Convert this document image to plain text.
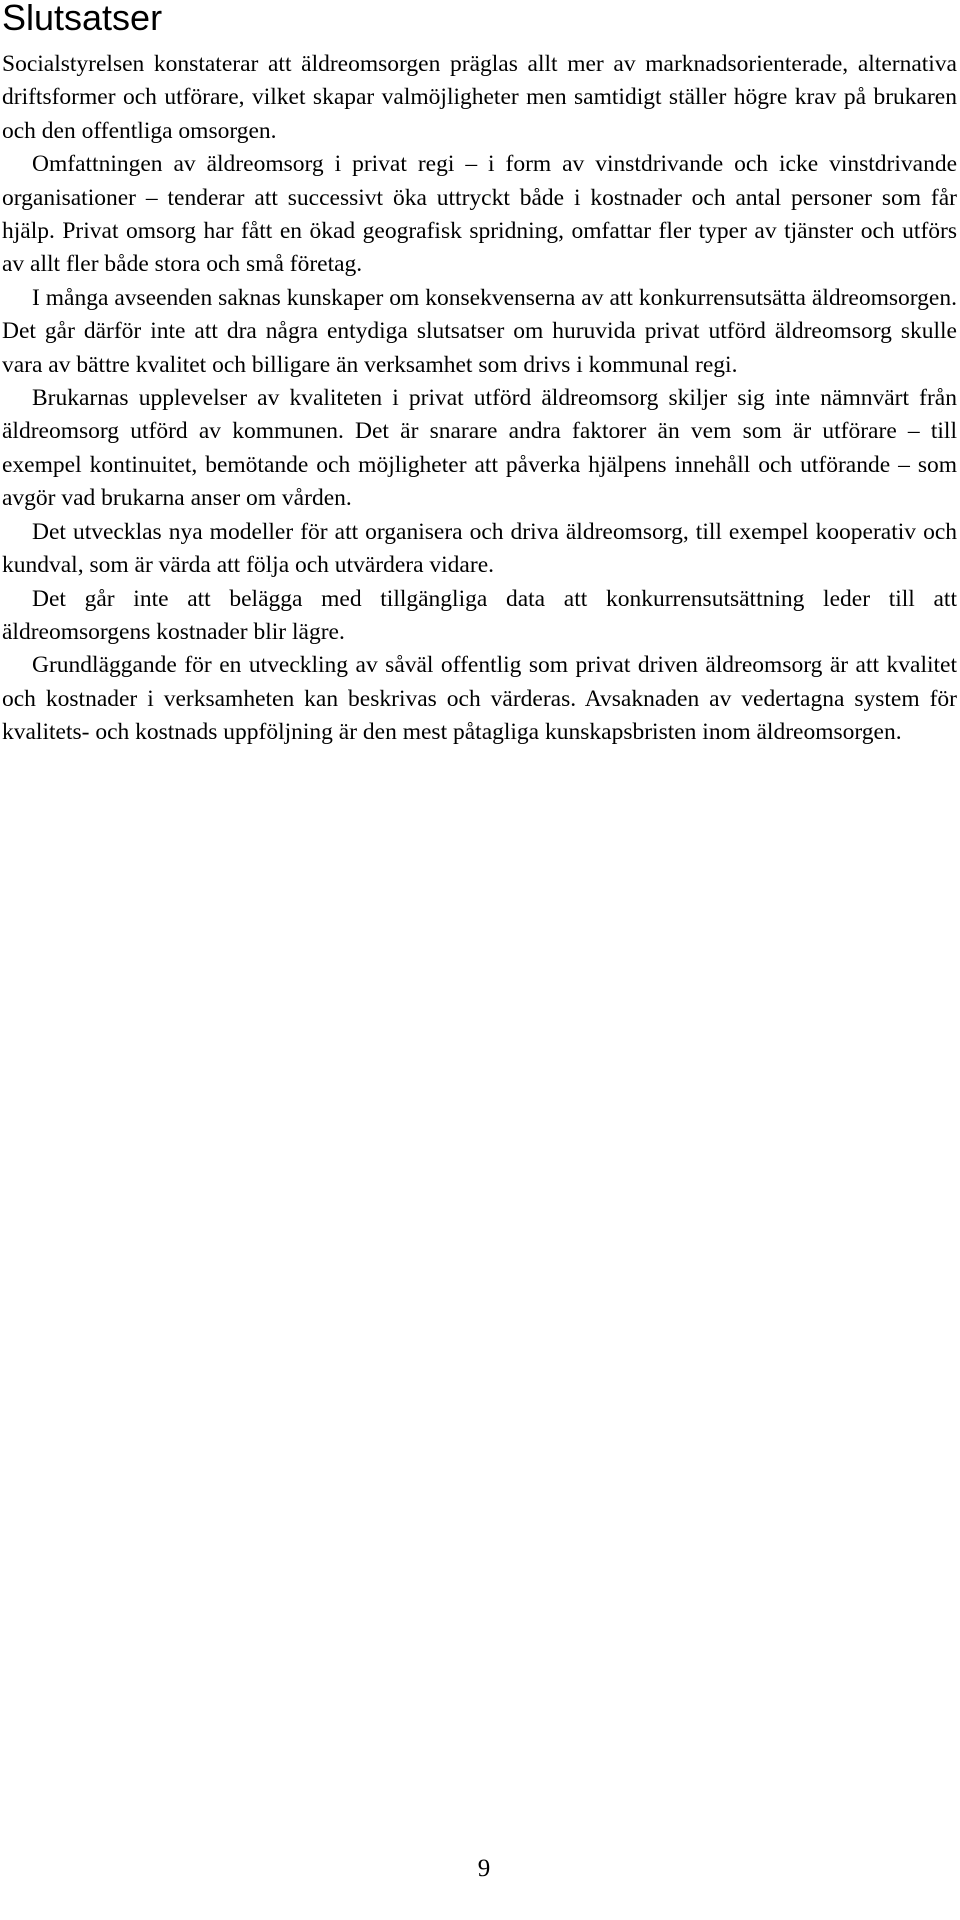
Slutsatser

Socialstyrelsen konstaterar att äldreomsorgen präglas allt mer av marknadsorienterade, alternativa driftsformer och utförare, vilket skapar valmöjligheter men samtidigt ställer högre krav på brukaren och den offentliga omsorgen.

Omfattningen av äldreomsorg i privat regi – i form av vinstdrivande och icke vinstdrivande organisationer – tenderar att successivt öka uttryckt både i kostnader och antal personer som får hjälp. Privat omsorg har fått en ökad geografisk spridning, omfattar fler typer av tjänster och utförs av allt fler både stora och små företag.

I många avseenden saknas kunskaper om konsekvenserna av att konkurrensutsätta äldreomsorgen. Det går därför inte att dra några entydiga slutsatser om huruvida privat utförd äldreomsorg skulle vara av bättre kvalitet och billigare än verksamhet som drivs i kommunal regi.

Brukarnas upplevelser av kvaliteten i privat utförd äldreomsorg skiljer sig inte nämnvärt från äldreomsorg utförd av kommunen. Det är snarare andra faktorer än vem som är utförare – till exempel kontinuitet, bemötande och möjligheter att påverka hjälpens innehåll och utförande – som avgör vad brukarna anser om vården.

Det utvecklas nya modeller för att organisera och driva äldreomsorg, till exempel kooperativ och kundval, som är värda att följa och utvärdera vidare.

Det går inte att belägga med tillgängliga data att konkurrensutsättning leder till att äldreomsorgens kostnader blir lägre.

Grundläggande för en utveckling av såväl offentlig som privat driven äldreomsorg är att kvalitet och kostnader i verksamheten kan beskrivas och värderas. Avsaknaden av vedertagna system för kvalitets- och kostnads uppföljning är den mest påtagliga kunskapsbristen inom äldreomsorgen.

9
